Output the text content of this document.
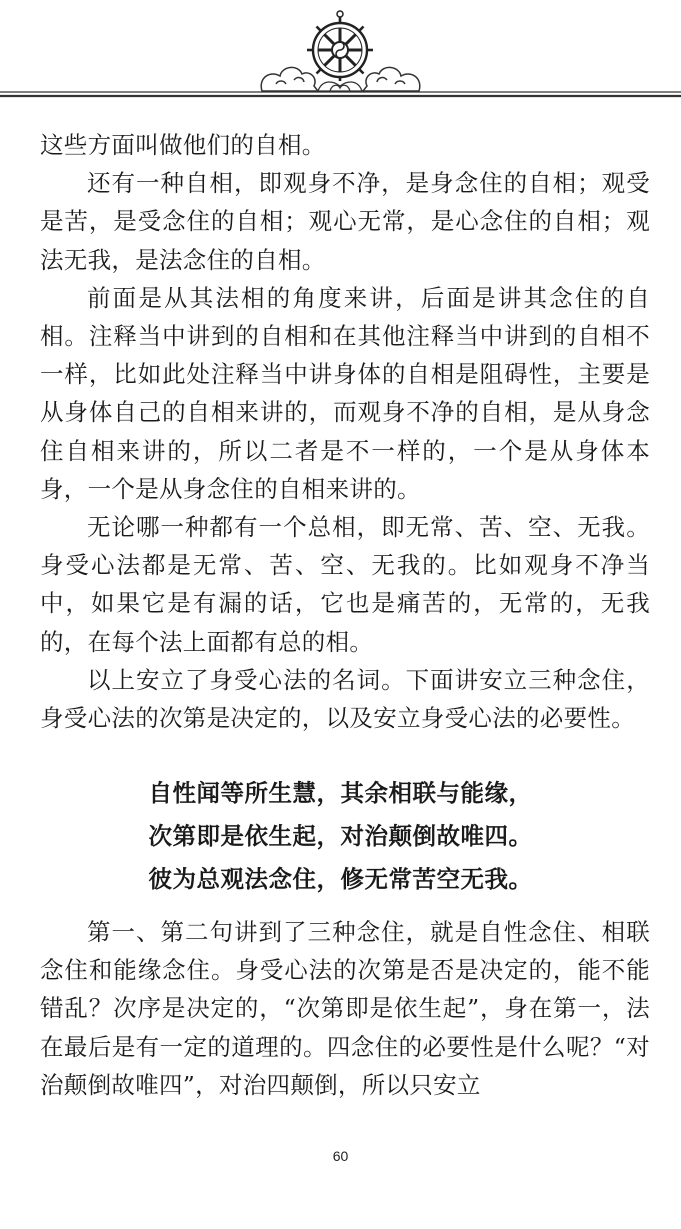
这些方面叫做他们的自相。

还有一种自相，即观身不净，是身念住的自相；观受是苦，是受念住的自相；观心无常，是心念住的自相；观法无我，是法念住的自相。

前面是从其法相的角度来讲，后面是讲其念住的自相。注释当中讲到的自相和在其他注释当中讲到的自相不一样，比如此处注释当中讲身体的自相是阻碍性，主要是从身体自己的自相来讲的，而观身不净的自相，是从身念住自相来讲的，所以二者是不一样的，一个是从身体本身，一个是从身念住的自相来讲的。

无论哪一种都有一个总相，即无常、苦、空、无我。身受心法都是无常、苦、空、无我的。比如观身不净当中，如果它是有漏的话，它也是痛苦的，无常的，无我的，在每个法上面都有总的相。

以上安立了身受心法的名词。下面讲安立三种念住，身受心法的次第是决定的，以及安立身受心法的必要性。

自性闻等所生慧，其余相联与能缘，
次第即是依生起，对治颠倒故唯四。
彼为总观法念住，修无常苦空无我。

第一、第二句讲到了三种念住，就是自性念住、相联念住和能缘念住。身受心法的次第是否是决定的，能不能错乱？次序是决定的，“次第即是依生起”，身在第一，法在最后是有一定的道理的。四念住的必要性是什么呢？“对治颠倒故唯四”，对治四颠倒，所以只安立

60
